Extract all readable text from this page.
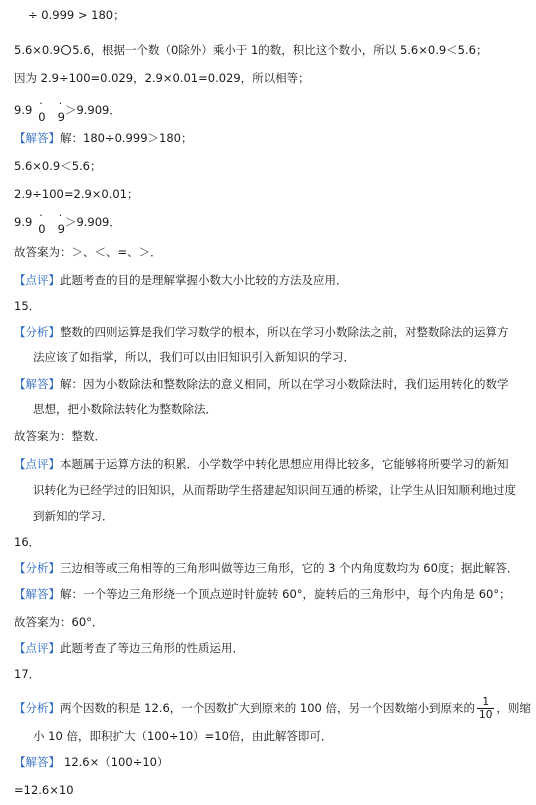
÷ 0.999 > 180；
5.6×0.9 5.6，根据一个数（0除外）乘小于 1的数，积比这个数小，所以 5.6×0.9＜5.6；
因为 2.9÷100=0.029，2.9×0.01=0.029，所以相等；
9.9 · 0 · 9＞9.909．
【解答】解：180÷0.999＞180；
5.6×0.9＜5.6；
2.9÷100=2.9×0.01；
9.9 · 0 · 9＞9.909．
故答案为：＞、＜、=、＞．
【点评】此题考查的目的是理解掌握小数大小比较的方法及应用．
15．
【分析】整数的四则运算是我们学习数学的根本，所以在学习小数除法之前，对整数除法的运算方
法应该了如指掌，所以，我们可以由旧知识引入新知识的学习．
【解答】解：因为小数除法和整数除法的意义相同，所以在学习小数除法时，我们运用转化的数学
思想，把小数除法转化为整数除法．
故答案为：整数．
【点评】本题属于运算方法的积累．小学数学中转化思想应用得比较多，它能够将所要学习的新知
识转化为已经学过的旧知识，从而帮助学生搭建起知识间互通的桥梁，让学生从旧知顺利地过度
到新知的学习．
16．
【分析】三边相等或三角相等的三角形叫做等边三角形，它的 3 个内角度数均为 60度；据此解答．
【解答】解：一个等边三角形绕一个顶点逆时针旋转 60°，旋转后的三角形中，每个内角是 60°；
故答案为：60°．
【点评】此题考查了等边三角形的性质运用．
17．
【分析】两个因数的积是 12.6，一个因数扩大到原来的 100 倍，另一个因数缩小到原来的 $\frac{1}{10}$ ，则缩
小 10 倍，即积扩大（100÷10）=10倍，由此解答即可．
【解答】 12.6×（100÷10）
=12.6×10
